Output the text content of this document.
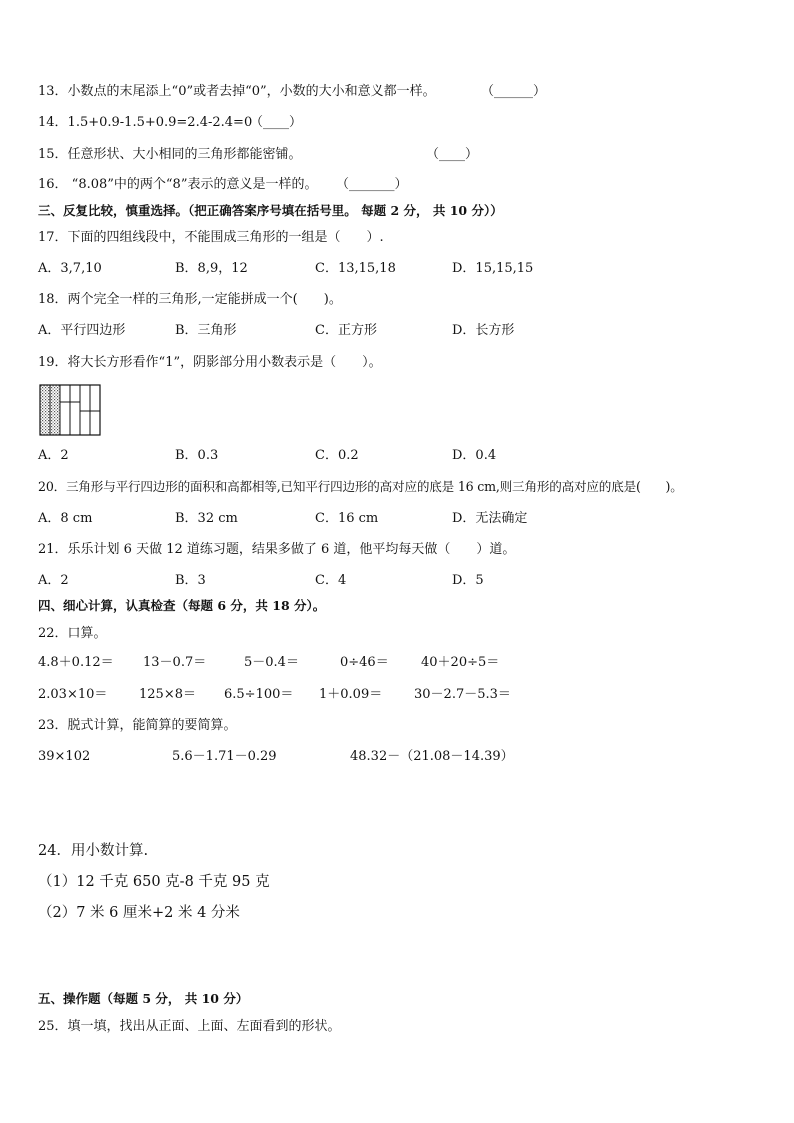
13．小数点的末尾添上“0”或者去掉“0”，小数的大小和意义都一样。	（______）
14．1.5+0.9-1.5+0.9=2.4-2.4=0
（____）
15．任意形状、大小相同的三角形都能密铺。	（____）
16． “8.08”中的两个“8”表示的意义是一样的。 （_______）
三、反复比较，慎重选择。（把正确答案序号填在括号里。 每题 2 分， 共 10 分））
17．下面的四组线段中，不能围成三角形的一组是（　　）.
A．3,7,10	B．8,9，12	C．13,15,18	D．15,15,15
18．两个完全一样的三角形,一定能拼成一个(　　)。
A．平行四边形	B．三角形	C．正方形	D．长方形
19．将大长方形看作“1”，阴影部分用小数表示是（　　）。
A．2	B．0.3	C．0.2	D．0.4
20．三角形与平行四边形的面积和高都相等,已知平行四边形的高对应的底是 16 cm,则三角形的高对应的底是(　　)。
A．8 cm	B．32 cm	C．16 cm	D．无法确定
21．乐乐计划 6 天做 12 道练习题，结果多做了 6 道，他平均每天做（　　）道。
A．2	B．3	C．4	D．5
四、细心计算，认真检查（每题 6 分，共 18 分）。
22．口算。
4.8＋0.12＝ 13－0.7＝	5－0.4＝	0÷46＝ 40＋20÷5＝
2.03×10＝ 125×8＝ 6.5÷100＝ 1＋0.09＝ 30－2.7－5.3＝
23．脱式计算，能简算的要简算。
39×102	5.6－1.71－0.29	48.32－（21.08－14.39）
24．用小数计算.
（1）12 千克 650 克-8 千克 95 克
（2）7 米 6 厘米+2 米 4 分米
五、操作题（每题 5 分， 共 10 分）
25．填一填，找出从正面、上面、左面看到的形状。
